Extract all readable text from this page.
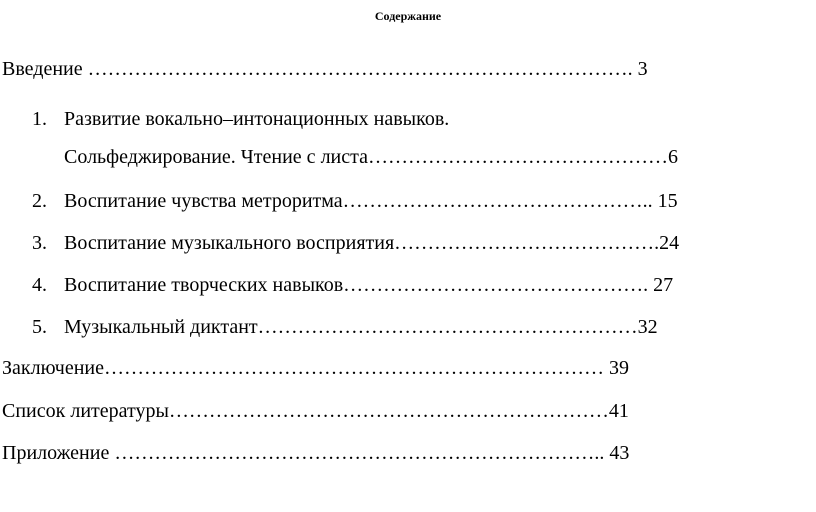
Содержание
Введение ………………………………………………………………………. 3
1. Развитие вокально–интонационных навыков.
Сольфеджирование. Чтение с листа………………………………………6
2. Воспитание чувства метроритма……………………………………….. 15
3. Воспитание музыкального восприятия………………………………….24
4. Воспитание творческих навыков………………………………………. 27
5. Музыкальный диктант…………………………………………………32
Заключение………………………………………………………………… 39
Список литературы…………………………………………………………41
Приложение ……………………………………………………………….. 43
